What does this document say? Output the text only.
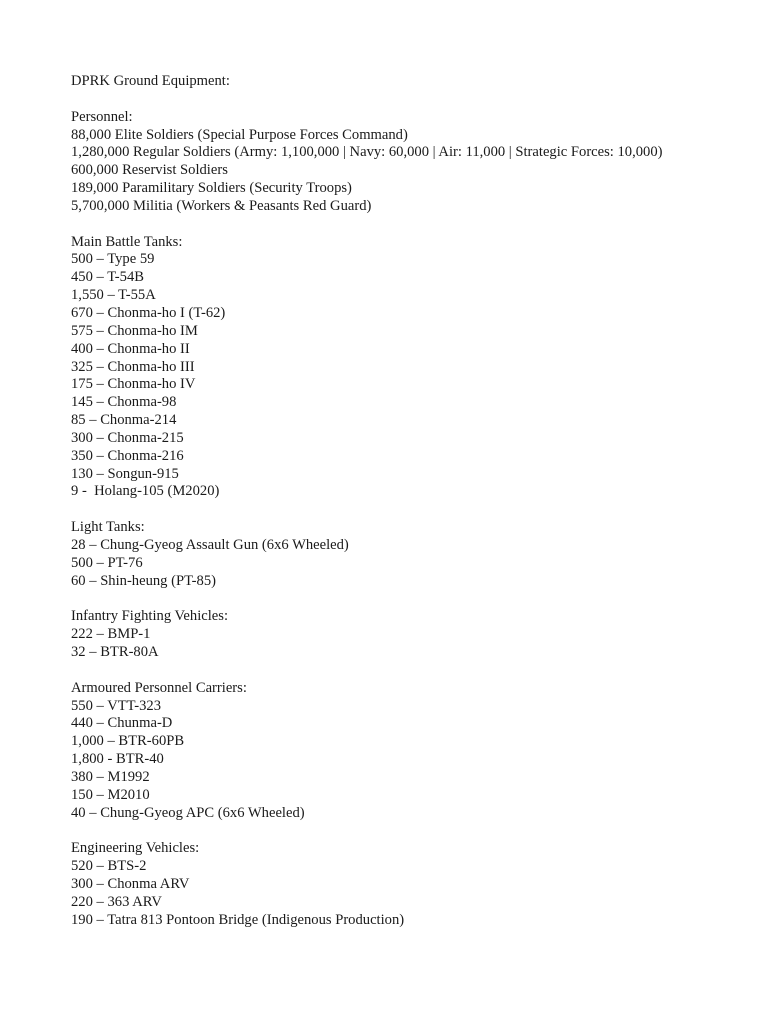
DPRK Ground Equipment:
Personnel:
88,000 Elite Soldiers (Special Purpose Forces Command)
1,280,000 Regular Soldiers (Army: 1,100,000 | Navy: 60,000 | Air: 11,000 | Strategic Forces: 10,000)
600,000 Reservist Soldiers
189,000 Paramilitary Soldiers (Security Troops)
5,700,000 Militia (Workers & Peasants Red Guard)
Main Battle Tanks:
500 – Type 59
450 – T-54B
1,550 – T-55A
670 – Chonma-ho I (T-62)
575 – Chonma-ho IM
400 – Chonma-ho II
325 – Chonma-ho III
175 – Chonma-ho IV
145 – Chonma-98
85 – Chonma-214
300 – Chonma-215
350 – Chonma-216
130 – Songun-915
9 -  Holang-105 (M2020)
Light Tanks:
28 – Chung-Gyeog Assault Gun (6x6 Wheeled)
500 – PT-76
60 – Shin-heung (PT-85)
Infantry Fighting Vehicles:
222 – BMP-1
32 – BTR-80A
Armoured Personnel Carriers:
550 – VTT-323
440 – Chunma-D
1,000 – BTR-60PB
1,800 - BTR-40
380 – M1992
150 – M2010
40 – Chung-Gyeog APC (6x6 Wheeled)
Engineering Vehicles:
520 – BTS-2
300 – Chonma ARV
220 – 363 ARV
190 – Tatra 813 Pontoon Bridge (Indigenous Production)
